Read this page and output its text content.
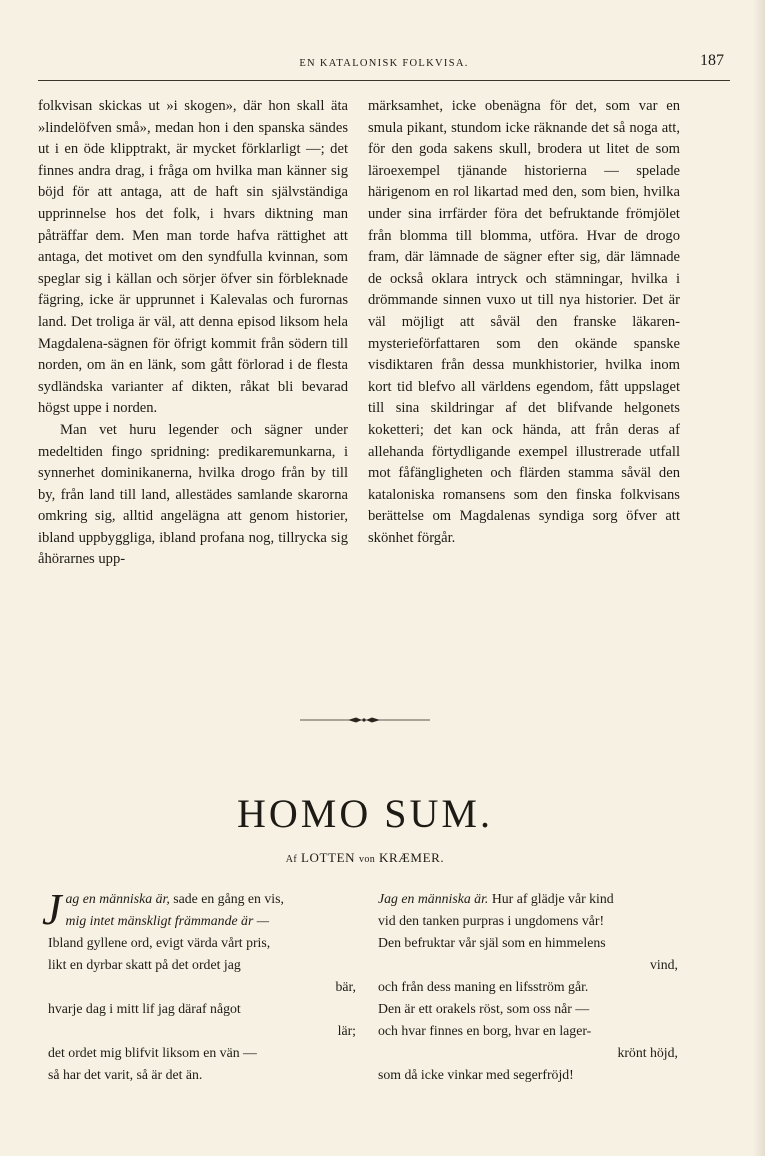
EN KATALONISK FOLKVISA.	187

folkvisan skickas ut »i skogen», där hon skall äta »lindelöfven små», medan hon i den spanska sändes ut i en öde klipptrakt, är mycket förklarligt —; det finnes andra drag, i fråga om hvilka man känner sig böjd för att antaga, att de haft sin självständiga upprinnelse hos det folk, i hvars diktning man påträffar dem. Men man torde hafva rättighet att antaga, det motivet om den syndfulla kvinnan, som speglar sig i källan och sörjer öfver sin förbleknade fägring, icke är upprunnet i Kalevalas och furornas land. Det troliga är väl, att denna episod liksom hela Magdalena-sägnen för öfrigt kommit från södern till norden, om än en länk, som gått förlorad i de flesta sydländska varianter af dikten, råkat bli bevarad högst uppe i norden.

Man vet huru legender och sägner under medeltiden fingo spridning: predikaremunkarna, i synnerhet dominikanerna, hvilka drogo från by till by, från land till land, allestädes samlande skarorna omkring sig, alltid angelägna att genom historier, ibland uppbyggliga, ibland profana nog, tillrycka sig åhörarnes upp-

märksamhet, icke obenägna för det, som var en smula pikant, stundom icke räknande det så noga att, för den goda sakens skull, brodera ut litet de som läroexempel tjänande historierna — spelade härigenom en rol likartad med den, som bien, hvilka under sina irrfärder föra det befruktande frömjölet från blomma till blomma, utföra. Hvar de drogo fram, där lämnade de sägner efter sig, där lämnade de också oklara intryck och stämningar, hvilka i drömmande sinnen vuxo ut till nya historier. Det är väl möjligt att såväl den franske läkaren-mysterieförfattaren som den okände spanske visdiktaren från dessa munkhistorier, hvilka inom kort tid blefvo all världens egendom, fått uppslaget till sina skildringar af det blifvande helgonets koketteri; det kan ock hända, att från deras af allehanda förtydligande exempel illustrerade utfall mot fåfängligheten och flärden stamma såväl den kataloniska romansens som den finska folkvisans berättelse om Magdalenas syndiga sorg öfver att skönhet förgår.

HOMO SUM.
Af LOTTEN von KRÆMER.
Jag en människa är, sade en gång en vis,
mig intet mänskligt främmande är —
Ibland gyllene ord, evigt värda vårt pris,
likt en dyrbar skatt på det ordet jag
bär,
hvarje dag i mitt lif jag däraf något
lär;
det ordet mig blifvit liksom en vän —
så har det varit, så är det än.
Jag en människa är. Hur af glädje vår kind
vid den tanken purpras i ungdomens vår!
Den befruktar vår själ som en himmelens
vind,
och från dess maning en lifsström går.
Den är ett orakels röst, som oss når —
och hvar finnes en borg, hvar en lager-
krönt höjd,
som då icke vinkar med segerfröjd!
